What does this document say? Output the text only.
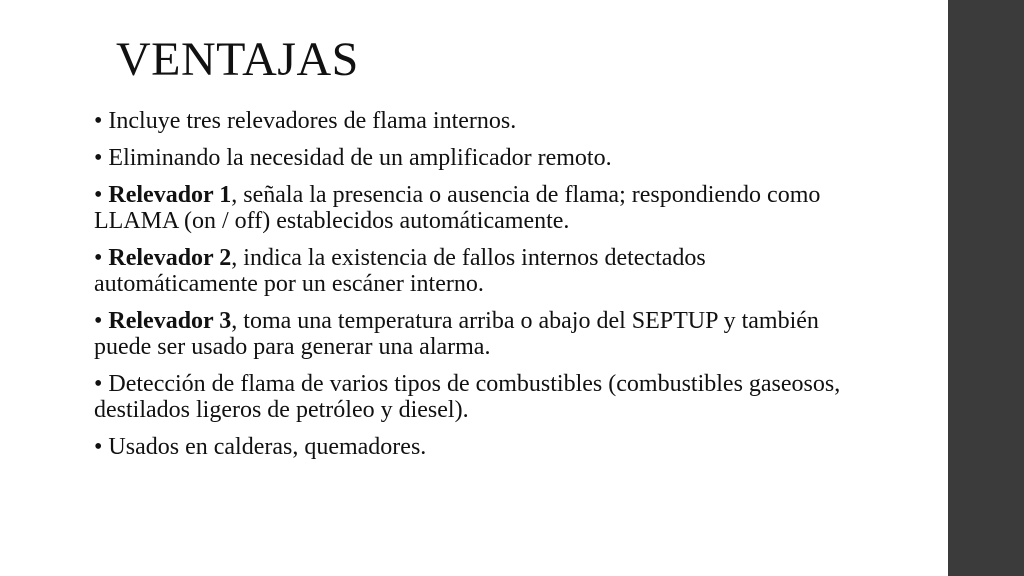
VENTAJAS
• Incluye tres relevadores de flama internos.
• Eliminando la necesidad de un amplificador remoto.
• Relevador 1, señala la presencia o ausencia de flama; respondiendo como LLAMA (on / off) establecidos automáticamente.
• Relevador 2, indica la existencia de fallos internos detectados automáticamente por un escáner interno.
• Relevador 3, toma una temperatura arriba o abajo del SEPTUP y también puede ser usado para generar una alarma.
• Detección de flama de varios tipos de combustibles (combustibles gaseosos, destilados ligeros de petróleo y diesel).
• Usados en calderas, quemadores.
